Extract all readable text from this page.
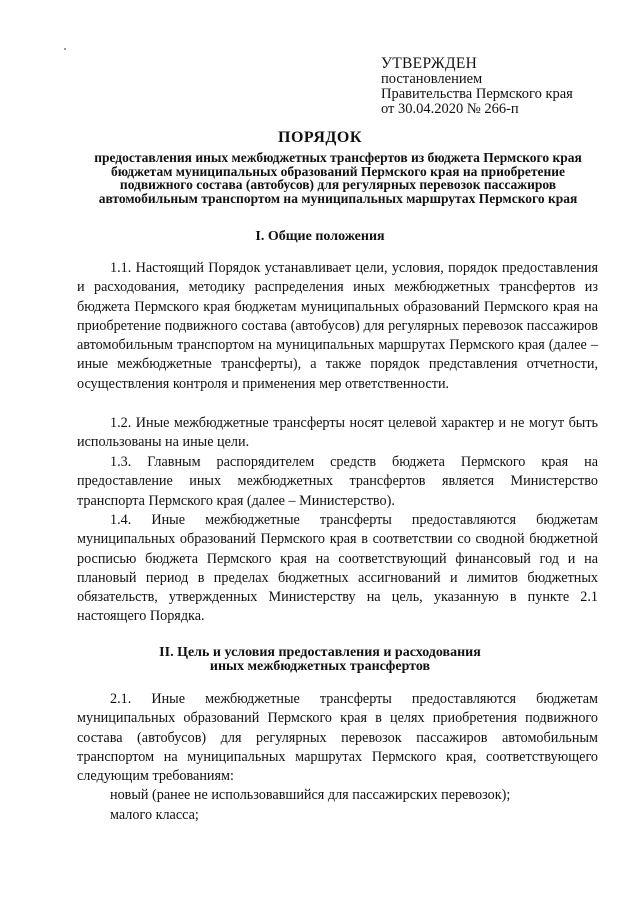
УТВЕРЖДЕН
постановлением
Правительства Пермского края
от 30.04.2020 № 266-п
ПОРЯДОК
предоставления иных межбюджетных трансфертов из бюджета Пермского края бюджетам муниципальных образований Пермского края на приобретение подвижного состава (автобусов) для регулярных перевозок пассажиров автомобильным транспортом на муниципальных маршрутах Пермского края
I. Общие положения
1.1. Настоящий Порядок устанавливает цели, условия, порядок предоставления и расходования, методику распределения иных межбюджетных трансфертов из бюджета Пермского края бюджетам муниципальных образований Пермского края на приобретение подвижного состава (автобусов) для регулярных перевозок пассажиров автомобильным транспортом на муниципальных маршрутах Пермского края (далее – иные межбюджетные трансферты), а также порядок представления отчетности, осуществления контроля и применения мер ответственности.
1.2. Иные межбюджетные трансферты носят целевой характер и не могут быть использованы на иные цели.
1.3. Главным распорядителем средств бюджета Пермского края на предоставление иных межбюджетных трансфертов является Министерство транспорта Пермского края (далее – Министерство).
1.4. Иные межбюджетные трансферты предоставляются бюджетам муниципальных образований Пермского края в соответствии со сводной бюджетной росписью бюджета Пермского края на соответствующий финансовый год и на плановый период в пределах бюджетных ассигнований и лимитов бюджетных обязательств, утвержденных Министерству на цель, указанную в пункте 2.1 настоящего Порядка.
II. Цель и условия предоставления и расходования
иных межбюджетных трансфертов
2.1. Иные межбюджетные трансферты предоставляются бюджетам муниципальных образований Пермского края в целях приобретения подвижного состава (автобусов) для регулярных перевозок пассажиров автомобильным транспортом на муниципальных маршрутах Пермского края, соответствующего следующим требованиям:
новый (ранее не использовавшийся для пассажирских перевозок);
малого класса;
